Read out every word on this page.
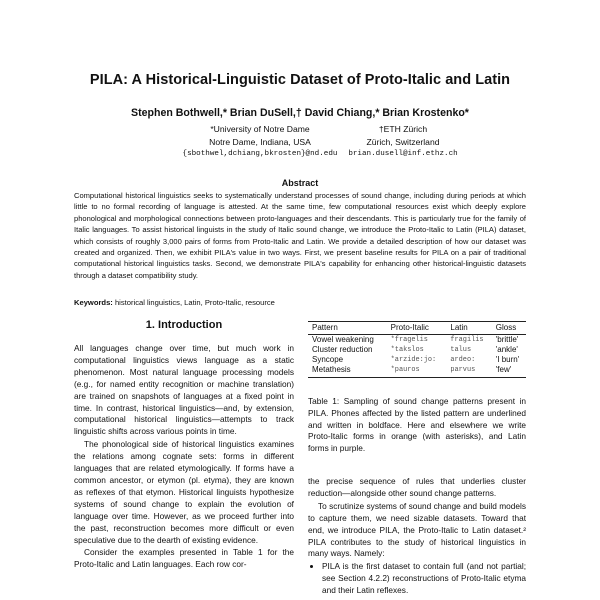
PILA: A Historical-Linguistic Dataset of Proto-Italic and Latin
Stephen Bothwell,* Brian DuSell,† David Chiang,* Brian Krostenko*
*University of Notre Dame
Notre Dame, Indiana, USA
{sbothwel,dchiang,bkrosten}@nd.edu
†ETH Zürich
Zürich, Switzerland
brian.dusell@inf.ethz.ch
Abstract
Computational historical linguistics seeks to systematically understand processes of sound change, including during periods at which little to no formal recording of language is attested. At the same time, few computational resources exist which deeply explore phonological and morphological connections between proto-languages and their descendants. This is particularly true for the family of Italic languages. To assist historical linguists in the study of Italic sound change, we introduce the Proto-Italic to Latin (PILA) dataset, which consists of roughly 3,000 pairs of forms from Proto-Italic and Latin. We provide a detailed description of how our dataset was created and organized. Then, we exhibit PILA's value in two ways. First, we present baseline results for PILA on a pair of traditional computational historical linguistics tasks. Second, we demonstrate PILA's capability for enhancing other historical-linguistic datasets through a dataset compatibility study.
Keywords: historical linguistics, Latin, Proto-Italic, resource
1. Introduction

All languages change over time, but much work in computational linguistics views language as a static phenomenon. Most natural language processing models (e.g., for named entity recognition or machine translation) are trained on snapshots of languages at a fixed point in time. In contrast, historical linguistics—and, by extension, computational historical linguistics—attempts to track linguistic shifts across various points in time.

The phonological side of historical linguistics examines the relations among cognate sets: forms in different languages that are related etymologically. If forms have a common ancestor, or etymon (pl. etyma), they are known as reflexes of that etymon. Historical linguists hypothesize systems of sound change to explain the evolution of language over time. However, as we proceed further into the past, reconstruction becomes more difficult or even speculative due to the dearth of existing evidence.

Consider the examples presented in Table 1 for the Proto-Italic and Latin languages. Each row cor-

Pattern	Proto-Italic	Latin	Gloss
Vowel weakening	*fragelis	fragilis	'brittle'
Cluster reduction	*takslos	talus	'ankle'
Syncope	*arzide:jo:	ardeo:	'I burn'
Metathesis	*pauros	parvus	'few'
Table 1: Sampling of sound change patterns present in PILA. Phones affected by the listed pattern are underlined and written in boldface. Here and elsewhere we write Proto-Italic forms in orange (with asterisks), and Latin forms in purple.

the precise sequence of rules that underlies cluster reduction—alongside other sound change patterns.

To scrutinize systems of sound change and build models to capture them, we need sizable datasets. Toward that end, we introduce PILA, the Proto-Italic to Latin dataset.² PILA contributes to the study of historical linguistics in many ways. Namely:

• PILA is the first dataset to contain full (and not partial; see Section 4.2.2) reconstructions of Proto-Italic etyma and their Latin reflexes.
